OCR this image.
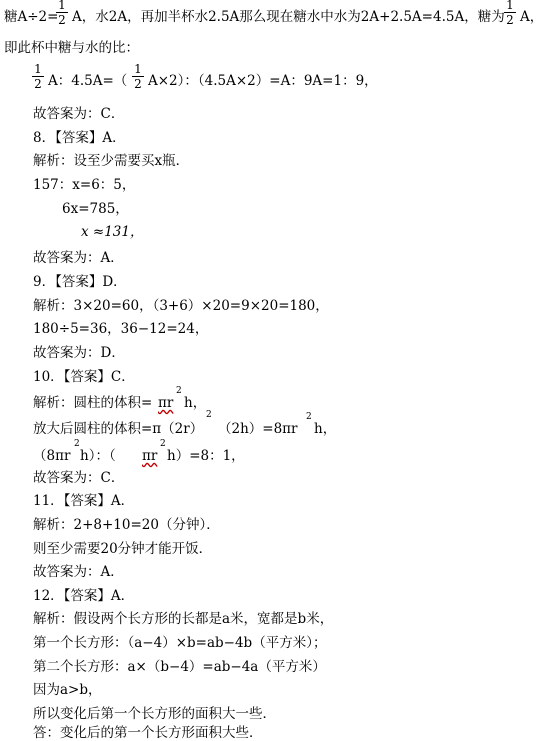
糖A÷2=
1
2 A，水2A，再加半杯水2.5A那么现在糖水中水为2A+2.5A=4.5A，糖为
1
2 A，
即此杯中糖与水的比：
1
2 A：4.5A=（
1
2 A×2）：（4.5A×2）=A：9A=1：9，
故答案为：C．
8．【答案】A．
解析：设至少需要买x瓶．
157：x=6：5，
6x=785，
x ≈131，
故答案为：A．
9．【答案】D．
解析：3×20=60，（3+6）×20=9×20=180，
180÷5=36，36−12=24，
故答案为：D．
10．【答案】C．
解析：圆柱的体积= πr
2
h，
放大后圆柱的体积=π（2r）
2
（2h）=8πr
2
h，
（8πr
2
h）：（ πr
2
h）=8：1，
故答案为：C．
11．【答案】A．
解析：2+8+10=20（分钟）．
则至少需要20分钟才能开饭．
故答案为：A．
12．【答案】A．
解析：假设两个长方形的长都是a米，宽都是b米，
第一个长方形：（a−4）×b=ab−4b（平方米）；
第二个长方形：a×（b−4）=ab−4a（平方米）
因为a>b，
所以变化后第一个长方形的面积大一些．
答：变化后的第一个长方形面积大些．
